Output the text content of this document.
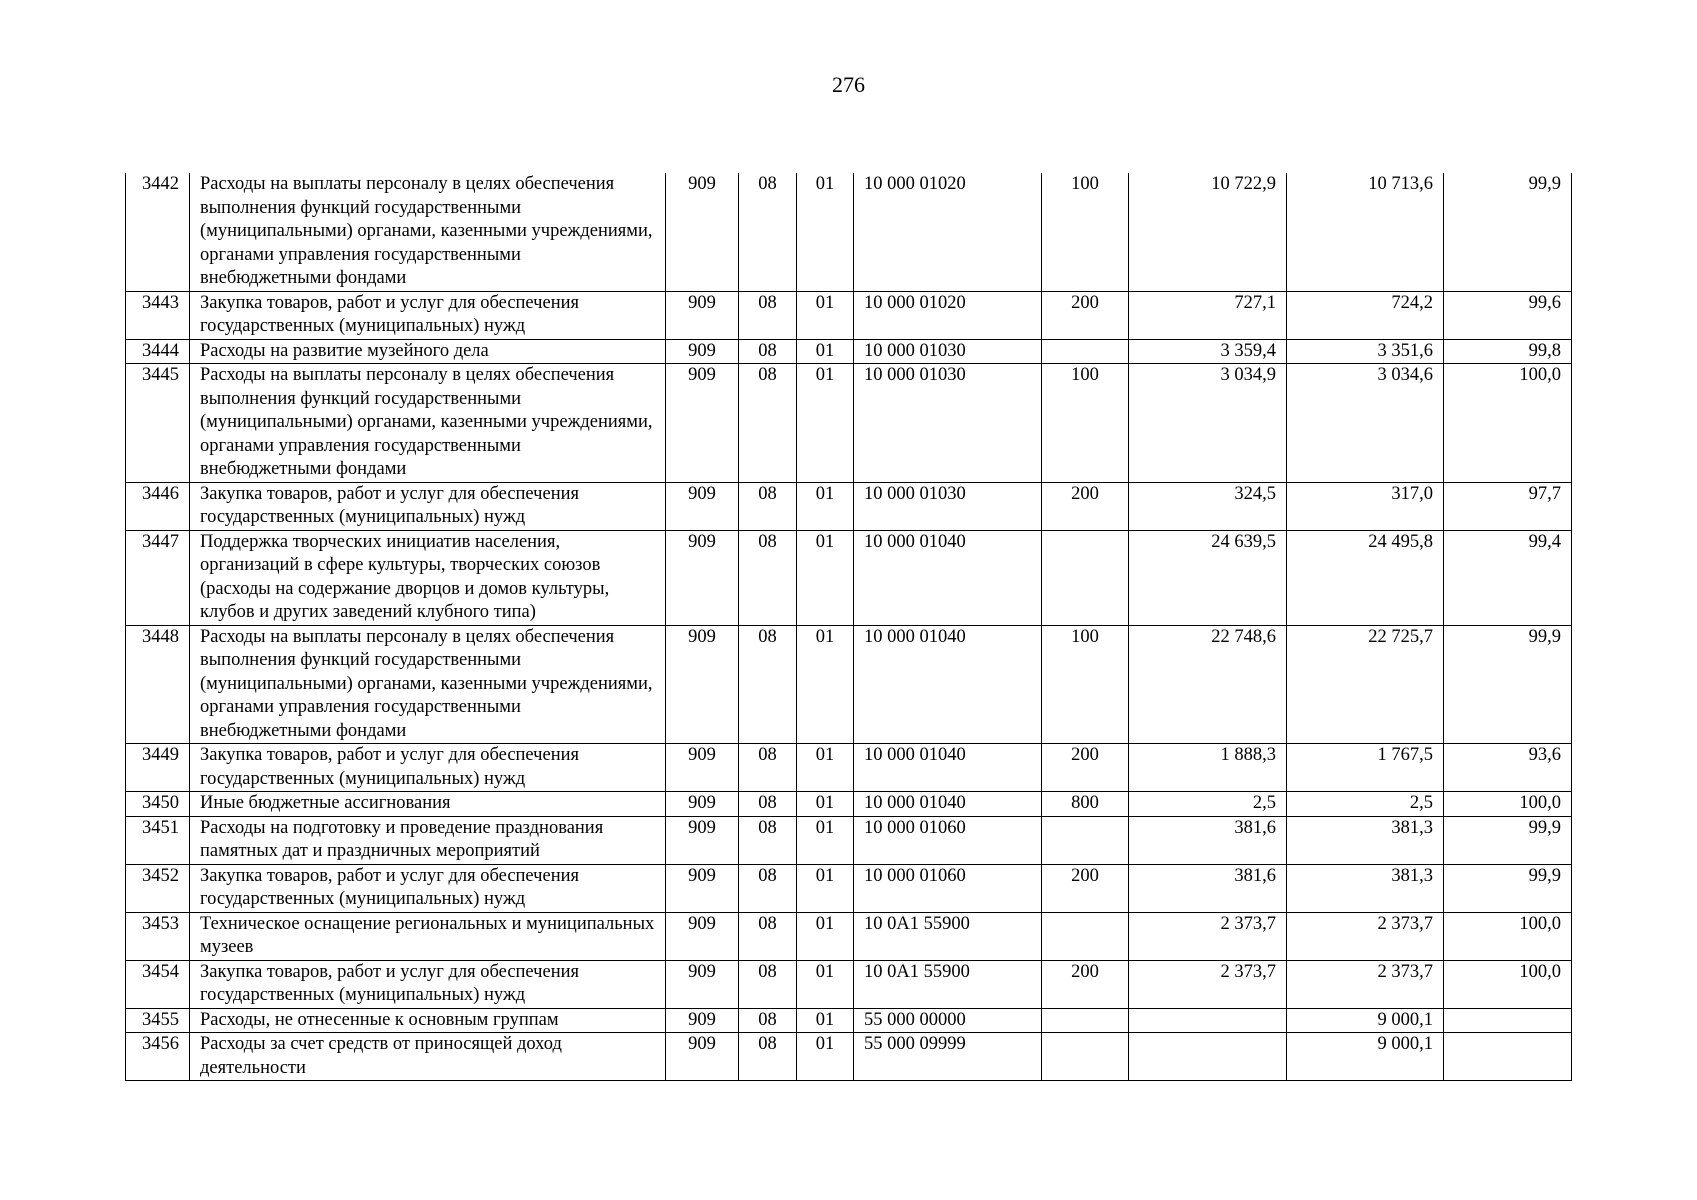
276
3442	Расходы на выплаты персоналу в целях обеспечения выполнения функций государственными (муниципальными) органами, казенными учреждениями, органами управления государственными внебюджетными фондами	909	08	01	10 000 01020	100	10 722,9	10 713,6	99,9
3443	Закупка товаров, работ и услуг для обеспечения государственных (муниципальных) нужд	909	08	01	10 000 01020	200	727,1	724,2	99,6
3444	Расходы на развитие музейного дела	909	08	01	10 000 01030		3 359,4	3 351,6	99,8
3445	Расходы на выплаты персоналу в целях обеспечения выполнения функций государственными (муниципальными) органами, казенными учреждениями, органами управления государственными внебюджетными фондами	909	08	01	10 000 01030	100	3 034,9	3 034,6	100,0
3446	Закупка товаров, работ и услуг для обеспечения государственных (муниципальных) нужд	909	08	01	10 000 01030	200	324,5	317,0	97,7
3447	Поддержка творческих инициатив населения, организаций в сфере культуры, творческих союзов (расходы на содержание дворцов и домов культуры, клубов и других заведений клубного типа)	909	08	01	10 000 01040		24 639,5	24 495,8	99,4
3448	Расходы на выплаты персоналу в целях обеспечения выполнения функций государственными (муниципальными) органами, казенными учреждениями, органами управления государственными внебюджетными фондами	909	08	01	10 000 01040	100	22 748,6	22 725,7	99,9
3449	Закупка товаров, работ и услуг для обеспечения государственных (муниципальных) нужд	909	08	01	10 000 01040	200	1 888,3	1 767,5	93,6
3450	Иные бюджетные ассигнования	909	08	01	10 000 01040	800	2,5	2,5	100,0
3451	Расходы на подготовку и проведение празднования памятных дат и праздничных мероприятий	909	08	01	10 000 01060		381,6	381,3	99,9
3452	Закупка товаров, работ и услуг для обеспечения государственных (муниципальных) нужд	909	08	01	10 000 01060	200	381,6	381,3	99,9
3453	Техническое оснащение региональных и муниципальных музеев	909	08	01	10 0A1 55900		2 373,7	2 373,7	100,0
3454	Закупка товаров, работ и услуг для обеспечения государственных (муниципальных) нужд	909	08	01	10 0A1 55900	200	2 373,7	2 373,7	100,0
3455	Расходы, не отнесенные к основным группам	909	08	01	55 000 00000			9 000,1	
3456	Расходы за счет средств от приносящей доход деятельности	909	08	01	55 000 09999			9 000,1	
